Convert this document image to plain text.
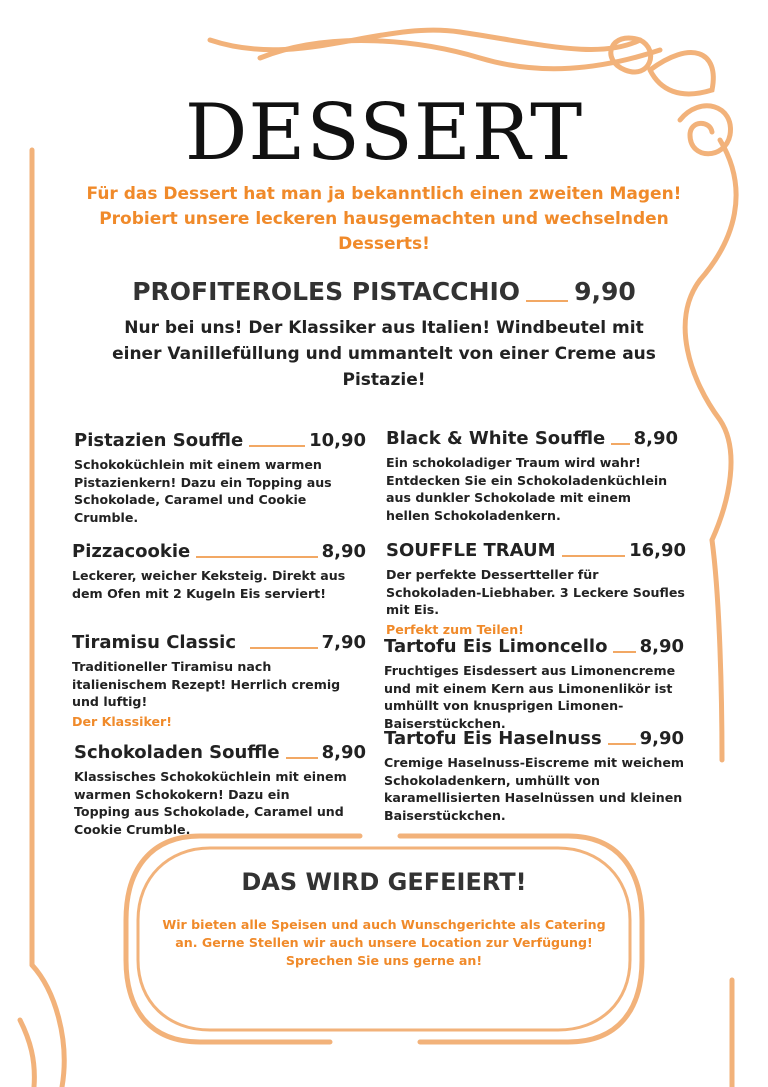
DESSERT
Für das Dessert hat man ja bekanntlich einen zweiten Magen! Probiert unsere leckeren hausgemachten und wechselnden Desserts!
PROFITEROLES PISTACCHIO 9,90
Nur bei uns! Der Klassiker aus Italien! Windbeutel mit einer Vanillefüllung und ummantelt von einer Creme aus Pistazie!
Pistazien Souffle	10,90
Schokoküchlein mit einem warmen Pistazienkern! Dazu ein Topping aus Schokolade, Caramel und Cookie Crumble.
Pizzacookie	8,90
Leckerer, weicher Keksteig. Direkt aus dem Ofen mit 2 Kugeln Eis serviert!
Tiramisu Classic	7,90
Traditioneller Tiramisu nach italienischem Rezept! Herrlich cremig und luftig!
Der Klassiker!
Schokoladen Souffle 8,90
Klassisches Schokoküchlein mit einem warmen Schokokern! Dazu ein Topping aus Schokolade, Caramel und Cookie Crumble.
Black & White Souffle 8,90
Ein schokoladiger Traum wird wahr! Entdecken Sie ein Schokoladenküchlein aus dunkler Schokolade mit einem hellen Schokoladenkern.
SOUFFLE TRAUM	16,90
Der perfekte Dessertteller für Schokoladen-Liebhaber. 3 Leckere Soufles mit Eis.
Perfekt zum Teilen!
Tartofu Eis Limoncello 8,90
Fruchtiges Eisdessert aus Limonencreme und mit einem Kern aus Limonenlikör ist umhüllt von knusprigen Limonen-Baiserstückchen.
Tartofu Eis Haselnuss 9,90
Cremige Haselnuss-Eiscreme mit weichem Schokoladenkern, umhüllt von karamellisierten Haselnüssen und kleinen Baiserstückchen.
DAS WIRD GEFEIERT!
Wir bieten alle Speisen und auch Wunschgerichte als Catering an. Gerne Stellen wir auch unsere Location zur Verfügung! Sprechen Sie uns gerne an!
